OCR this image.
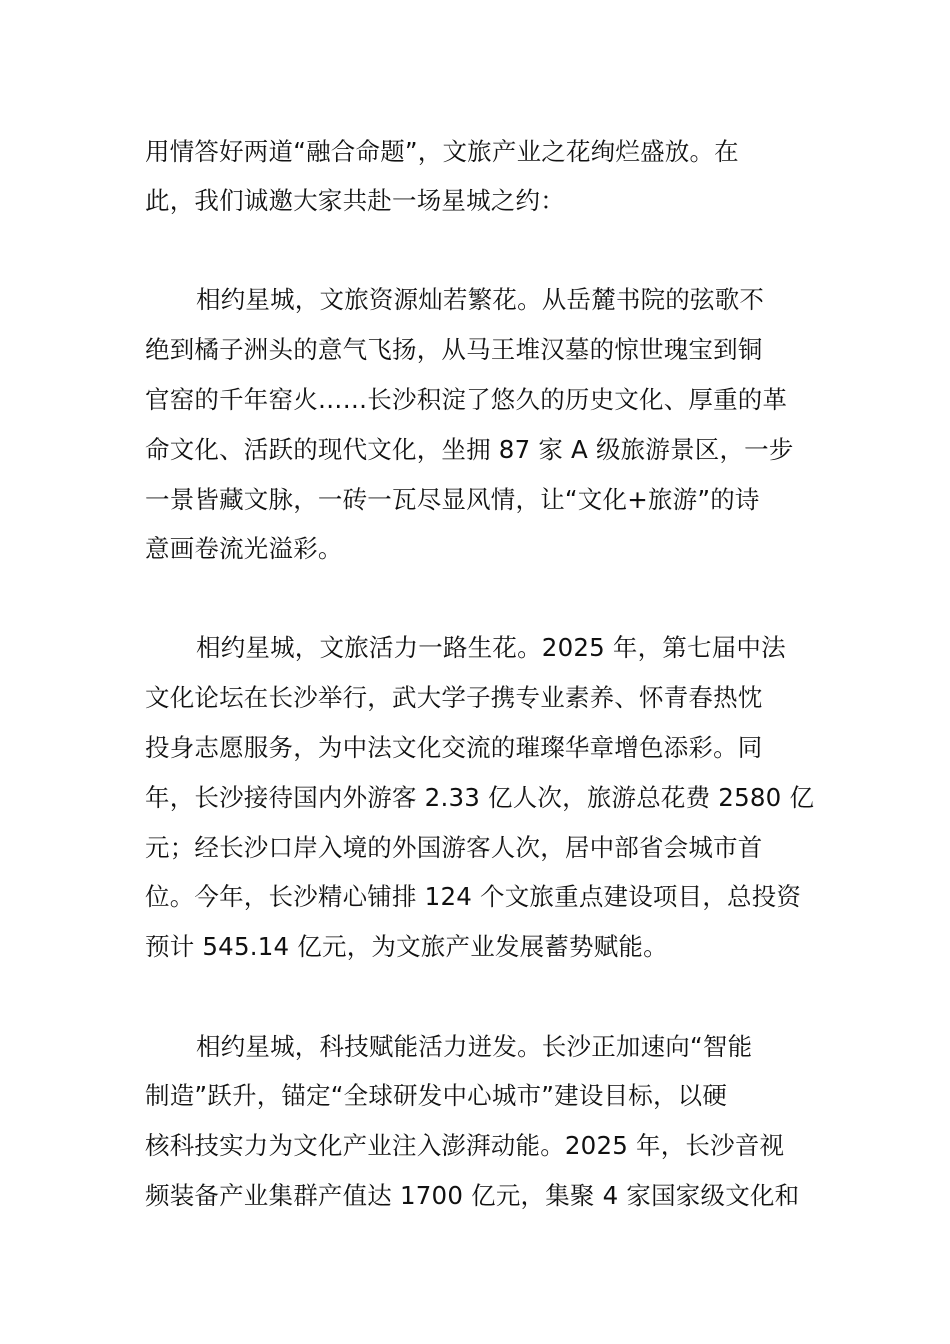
用情答好两道“融合命题”，文旅产业之花绚烂盛放。在
此，我们诚邀大家共赴一场星城之约：
相约星城，文旅资源灿若繁花。从岳麓书院的弦歌不
绝到橘子洲头的意气飞扬，从马王堆汉墓的惊世瑰宝到铜
官窑的千年窑火……长沙积淀了悠久的历史文化、厚重的革
命文化、活跃的现代文化，坐拥 87 家 A 级旅游景区，一步
一景皆藏文脉，一砖一瓦尽显风情，让“文化+旅游”的诗
意画卷流光溢彩。
相约星城，文旅活力一路生花。2025 年，第七届中法
文化论坛在长沙举行，武大学子携专业素养、怀青春热忱
投身志愿服务，为中法文化交流的璀璨华章增色添彩。同
年，长沙接待国内外游客 2.33 亿人次，旅游总花费 2580 亿
元；经长沙口岸入境的外国游客人次，居中部省会城市首
位。今年，长沙精心铺排 124 个文旅重点建设项目，总投资
预计 545.14 亿元，为文旅产业发展蓄势赋能。
相约星城，科技赋能活力迸发。长沙正加速向“智能
制造”跃升，锚定“全球研发中心城市”建设目标，以硬
核科技实力为文化产业注入澎湃动能。2025 年，长沙音视
频装备产业集群产值达 1700 亿元，集聚 4 家国家级文化和
